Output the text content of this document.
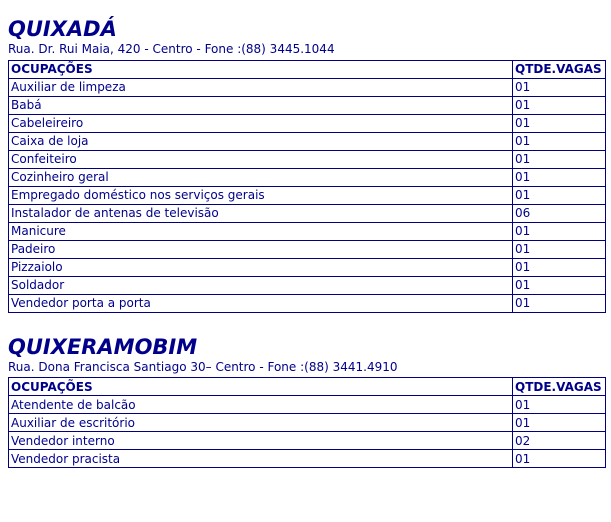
QUIXADÁ
Rua. Dr. Rui Maia, 420 - Centro - Fone :(88) 3445.1044
OCUPAÇÕES	QTDE.VAGAS
Auxiliar de limpeza	01
Babá	01
Cabeleireiro	01
Caixa de loja	01
Confeiteiro	01
Cozinheiro geral	01
Empregado doméstico nos serviços gerais	01
Instalador de antenas de televisão	06
Manicure	01
Padeiro	01
Pizzaiolo	01
Soldador	01
Vendedor porta a porta	01
QUIXERAMOBIM
Rua. Dona Francisca Santiago 30– Centro - Fone :(88) 3441.4910
OCUPAÇÕES	QTDE.VAGAS
Atendente de balcão	01
Auxiliar de escritório	01
Vendedor interno	02
Vendedor pracista	01
